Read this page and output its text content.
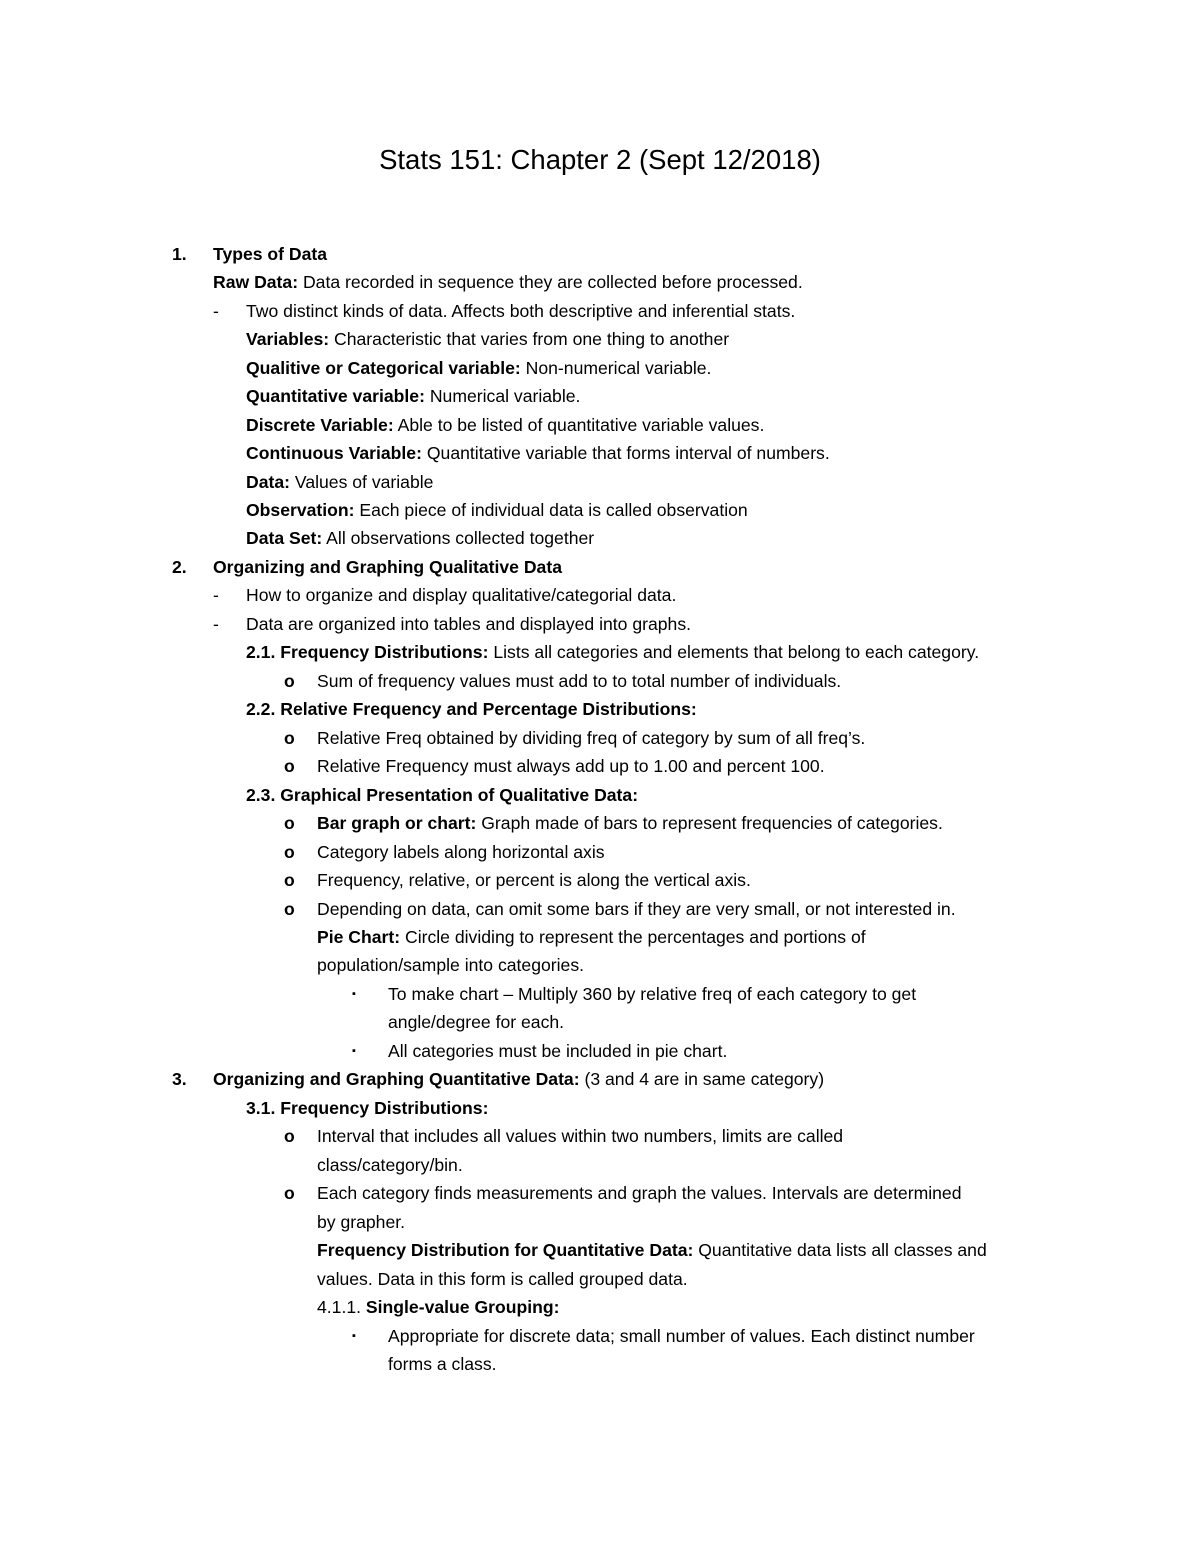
Stats 151: Chapter 2 (Sept 12/2018)
1. Types of Data
Raw Data: Data recorded in sequence they are collected before processed.
- Two distinct kinds of data. Affects both descriptive and inferential stats.
Variables: Characteristic that varies from one thing to another
Qualitive or Categorical variable: Non-numerical variable.
Quantitative variable: Numerical variable.
Discrete Variable: Able to be listed of quantitative variable values.
Continuous Variable: Quantitative variable that forms interval of numbers.
Data: Values of variable
Observation: Each piece of individual data is called observation
Data Set: All observations collected together
2. Organizing and Graphing Qualitative Data
- How to organize and display qualitative/categorial data.
- Data are organized into tables and displayed into graphs.
2.1. Frequency Distributions: Lists all categories and elements that belong to each category.
o Sum of frequency values must add to to total number of individuals.
2.2. Relative Frequency and Percentage Distributions:
o Relative Freq obtained by dividing freq of category by sum of all freq’s.
o Relative Frequency must always add up to 1.00 and percent 100.
2.3. Graphical Presentation of Qualitative Data:
o Bar graph or chart: Graph made of bars to represent frequencies of categories.
o Category labels along horizontal axis
o Frequency, relative, or percent is along the vertical axis.
o Depending on data, can omit some bars if they are very small, or not interested in.
Pie Chart: Circle dividing to represent the percentages and portions of
population/sample into categories.
▪ To make chart – Multiply 360 by relative freq of each category to get
angle/degree for each.
▪ All categories must be included in pie chart.
3. Organizing and Graphing Quantitative Data: (3 and 4 are in same category)
3.1. Frequency Distributions:
o Interval that includes all values within two numbers, limits are called
class/category/bin.
o Each category finds measurements and graph the values. Intervals are determined
by grapher.
Frequency Distribution for Quantitative Data: Quantitative data lists all classes and
values. Data in this form is called grouped data.
4.1.1. Single-value Grouping:
▪ Appropriate for discrete data; small number of values. Each distinct number
forms a class.
